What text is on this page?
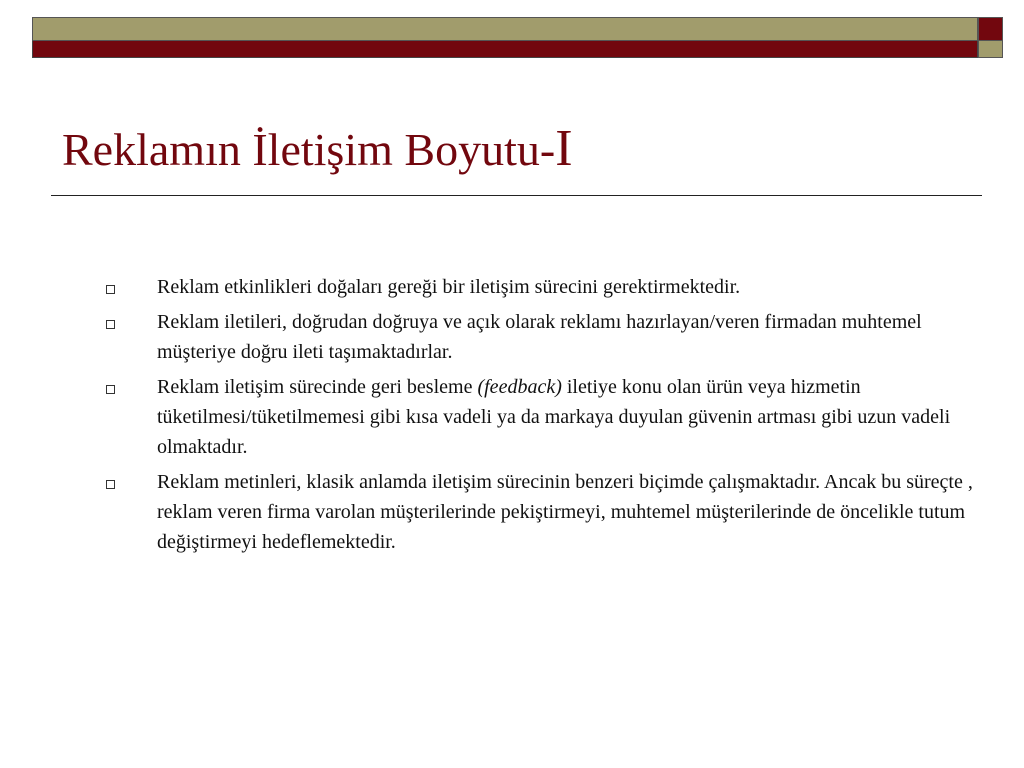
Reklamın İletişim Boyutu-I
Reklam etkinlikleri doğaları gereği bir iletişim sürecini gerektirmektedir.
Reklam iletileri, doğrudan doğruya ve açık olarak reklamı hazırlayan/veren firmadan muhtemel müşteriye doğru ileti taşımaktadırlar.
Reklam iletişim sürecinde geri besleme (feedback) iletiye konu olan ürün veya hizmetin tüketilmesi/tüketilmemesi gibi kısa vadeli ya da markaya duyulan güvenin artması gibi uzun vadeli olmaktadır.
Reklam metinleri, klasik anlamda iletişim sürecinin benzeri biçimde çalışmaktadır. Ancak bu süreçte , reklam veren firma varolan müşterilerinde pekiştirmeyi, muhtemel müşterilerinde de öncelikle tutum değiştirmeyi hedeflemektedir.
